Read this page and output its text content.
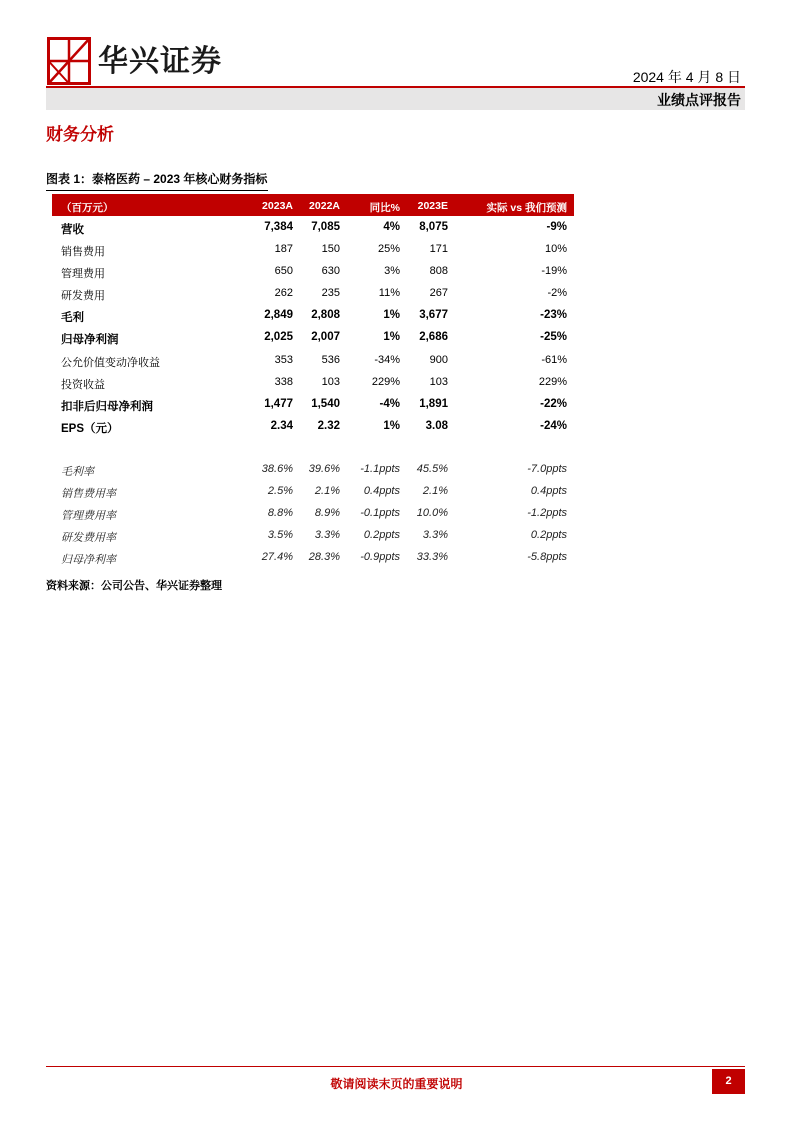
华兴证券	2024 年 4 月 8 日
业绩点评报告
财务分析
图表 1：泰格医药 – 2023 年核心财务指标
（百万元）	2023A 2022A	同比% 2023E	实际 vs 我们预测
营收	7,384 7,085	4% 8,075	-9%
销售费用	187	150	25%	171	10%
管理费用	650	630	3%	808	-19%
研发费用	262	235	11%	267	-2%
毛利	2,849 2,808	1% 3,677	-23%
归母净利润	2,025 2,007	1% 2,686	-25%
公允价值变动净收益	353	536	-34%	900	-61%
投资收益	338	103	229%	103	229%
扣非后归母净利润	1,477 1,540	-4% 1,891	-22%
EPS（元）	2.34 2.32	1% 3.08	-24%
毛利率	38.6% 39.6% -1.1ppts 45.5%	-7.0ppts
销售费用率	2.5% 2.1% 0.4ppts 2.1%	0.4ppts
管理费用率	8.8% 8.9% -0.1ppts 10.0%	-1.2ppts
研发费用率	3.5% 3.3% 0.2ppts 3.3%	0.2ppts
归母净利率	27.4% 28.3% -0.9ppts 33.3%	-5.8ppts
资料来源：公司公告、华兴证券整理
敬请阅读末页的重要说明	2
